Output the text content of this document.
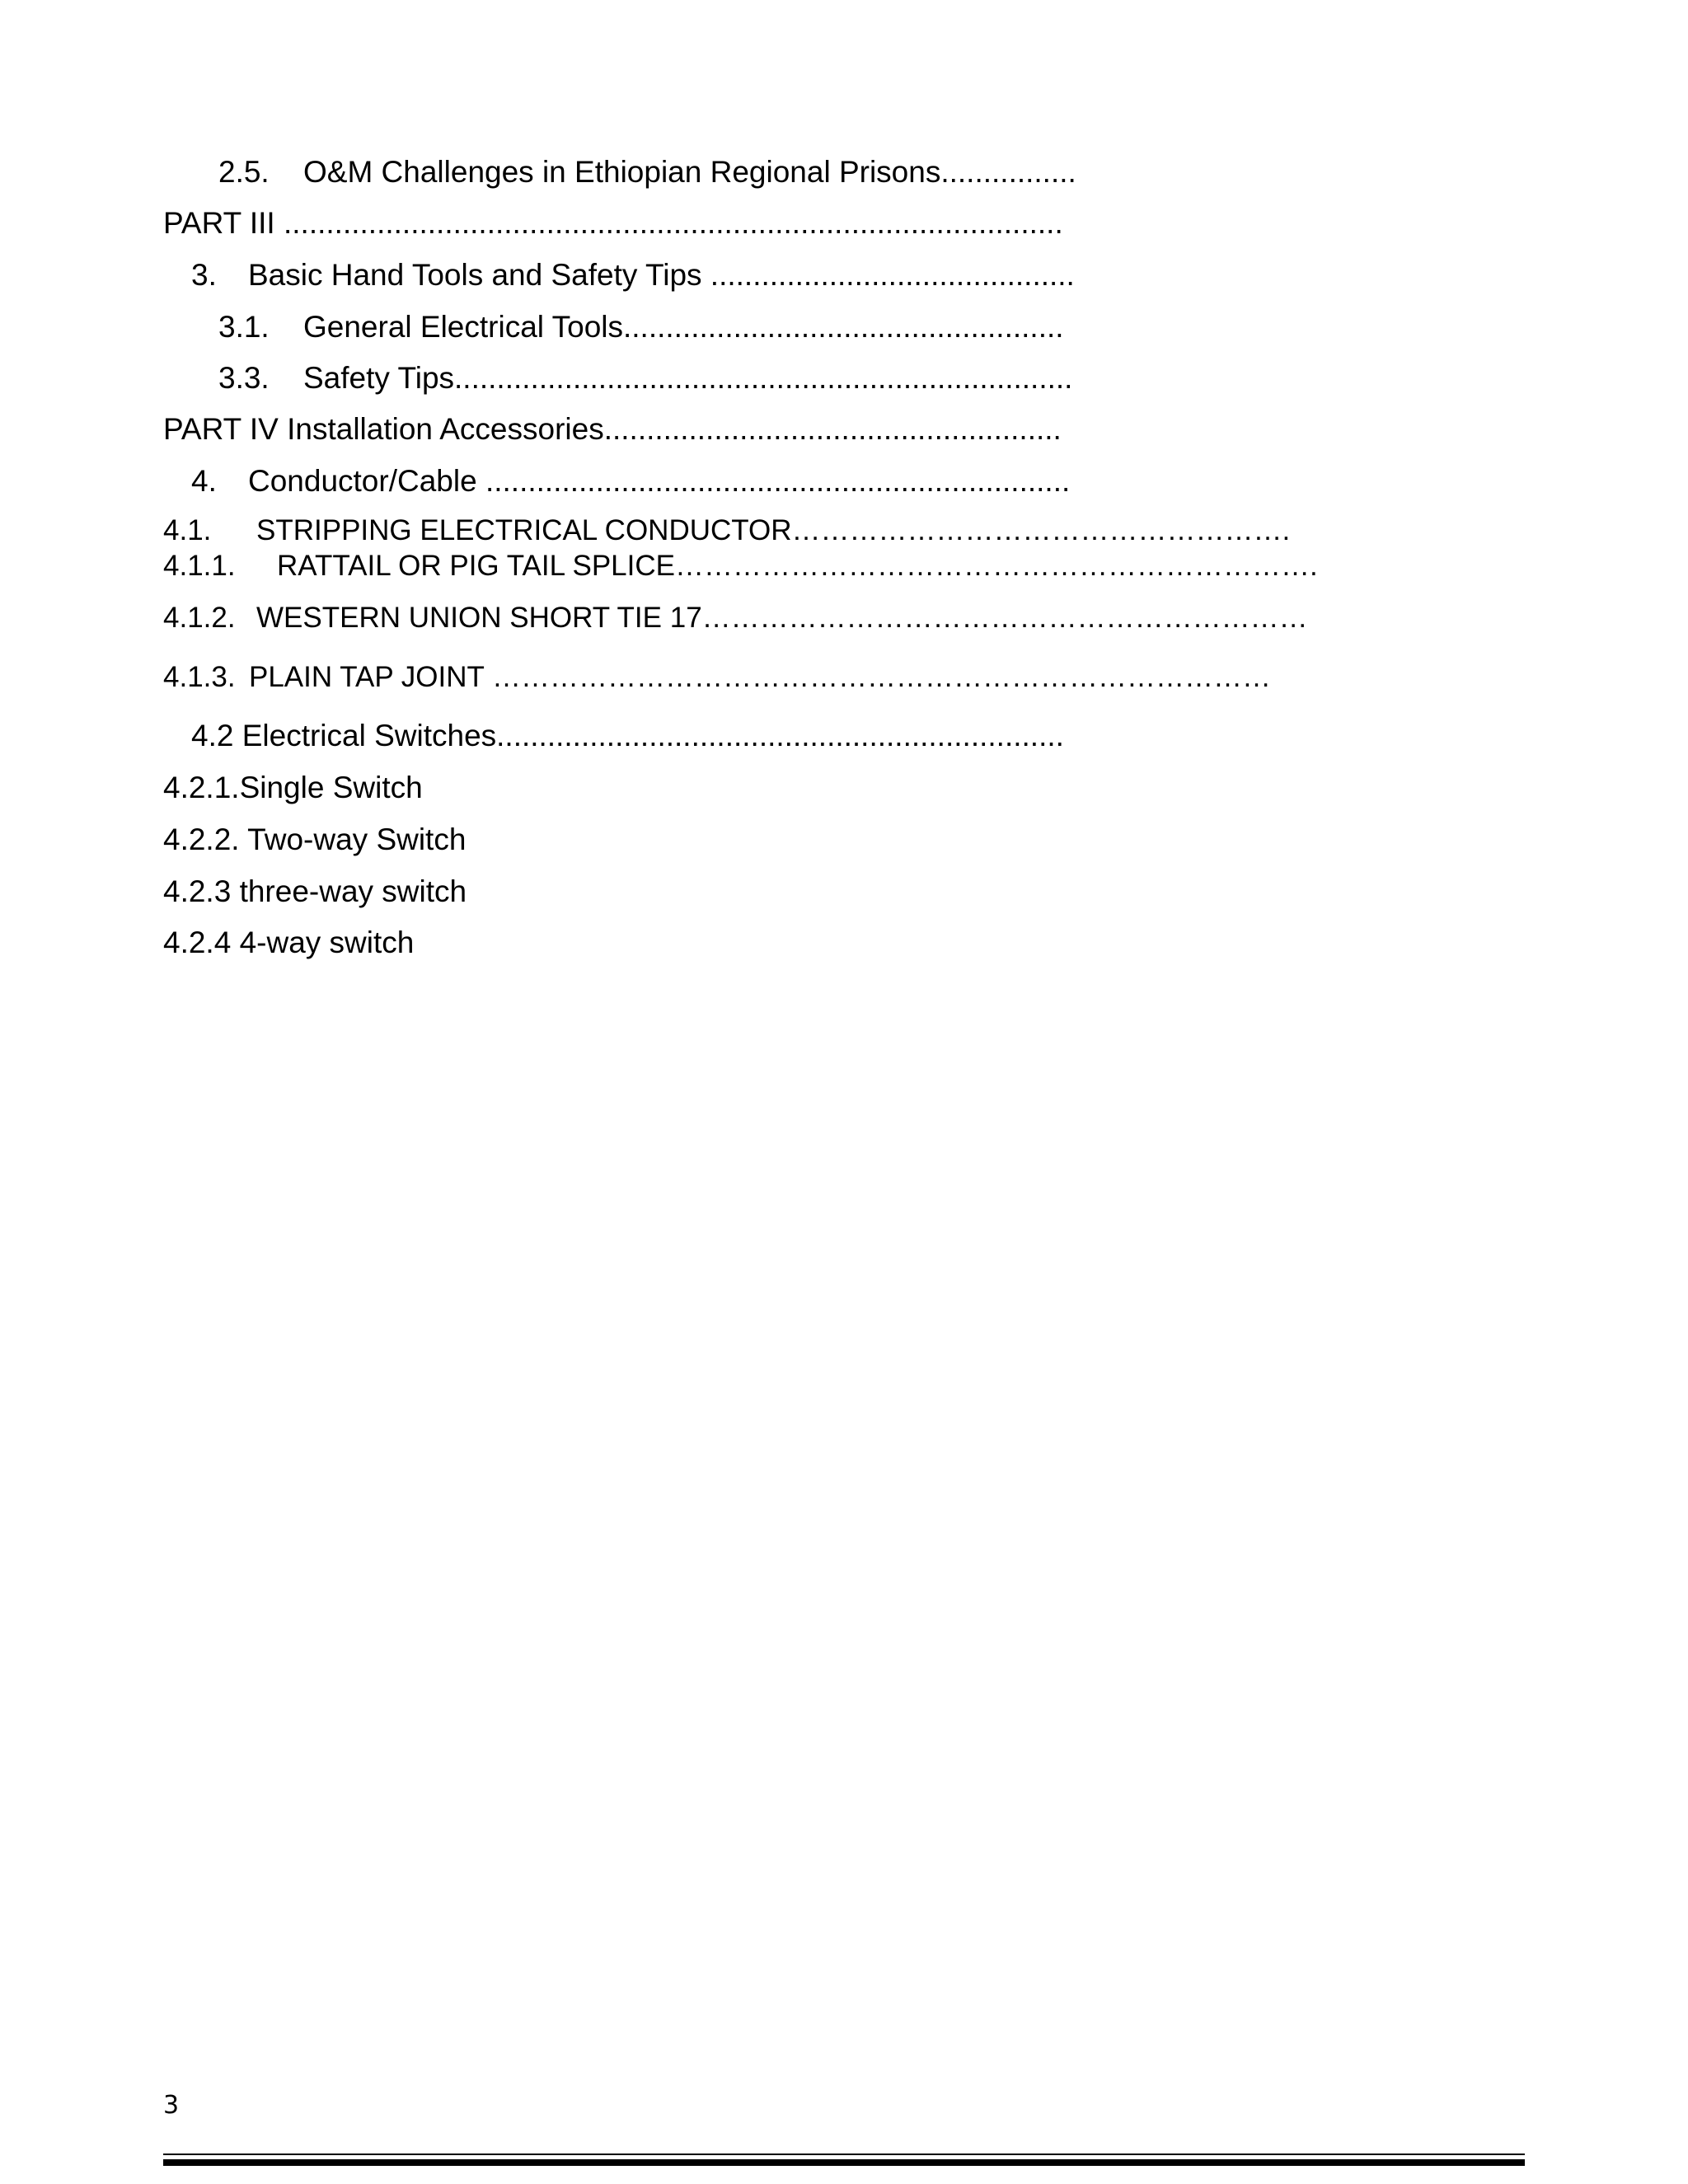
2.5. O&M Challenges in Ethiopian Regional Prisons................
PART III ............................................................................................
3. Basic Hand Tools and Safety Tips ...........................................
3.1. General Electrical Tools....................................................
3.3. Safety Tips.........................................................................
PART IV Installation Accessories......................................................
4. Conductor/Cable .....................................................................
4.1. STRIPPING ELECTRICAL CONDUCTOR…………………………………………….
4.1.1. RATTAIL OR PIG TAIL SPLICE………………………………………………………….
4.1.2. WESTERN UNION SHORT TIE 17………………………………………………………
4.1.3. PLAIN TAP JOINT ………………………………………………………………………
4.2 Electrical Switches...................................................................
4.2.1.Single Switch
4.2.2. Two-way Switch
4.2.3 three-way switch
4.2.4 4-way switch
3
